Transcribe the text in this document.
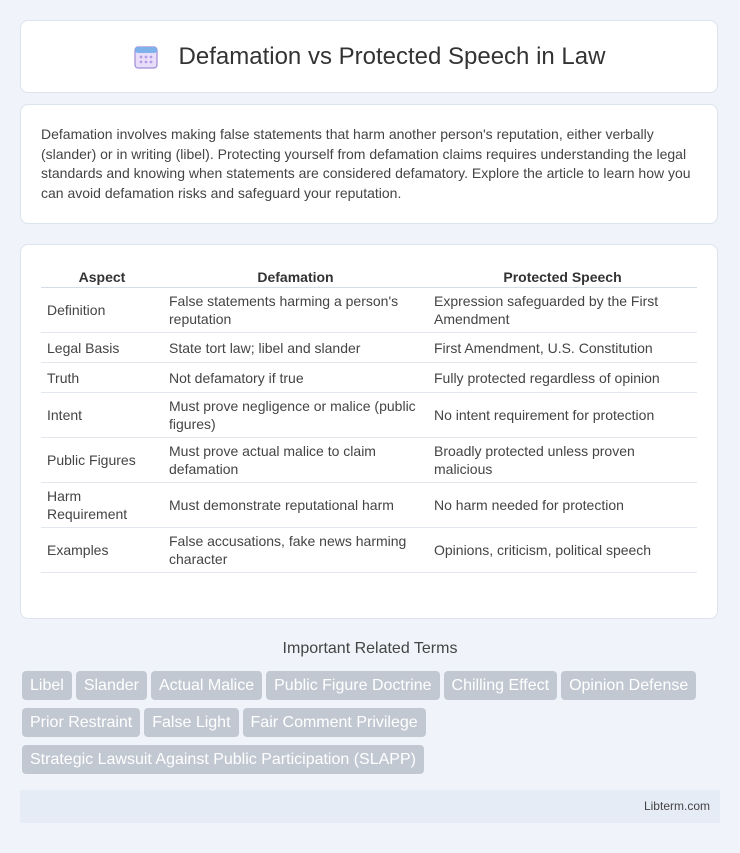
Defamation vs Protected Speech in Law

Defamation involves making false statements that harm another person's reputation, either verbally (slander) or in writing (libel). Protecting yourself from defamation claims requires understanding the legal standards and knowing when statements are considered defamatory. Explore the article to learn how you can avoid defamation risks and safeguard your reputation.

Aspect	Defamation	Protected Speech
Definition	False statements harming a person's reputation	Expression safeguarded by the First Amendment
Legal Basis	State tort law; libel and slander	First Amendment, U.S. Constitution
Truth	Not defamatory if true	Fully protected regardless of opinion
Intent	Must prove negligence or malice (public figures)	No intent requirement for protection
Public Figures	Must prove actual malice to claim defamation	Broadly protected unless proven malicious
Harm Requirement	Must demonstrate reputational harm	No harm needed for protection
Examples	False accusations, fake news harming character	Opinions, criticism, political speech
Important Related Terms
Libel Slander Actual Malice Public Figure Doctrine Chilling Effect Opinion Defense
Prior Restraint False Light Fair Comment Privilege
Strategic Lawsuit Against Public Participation (SLAPP)
Libterm.com
